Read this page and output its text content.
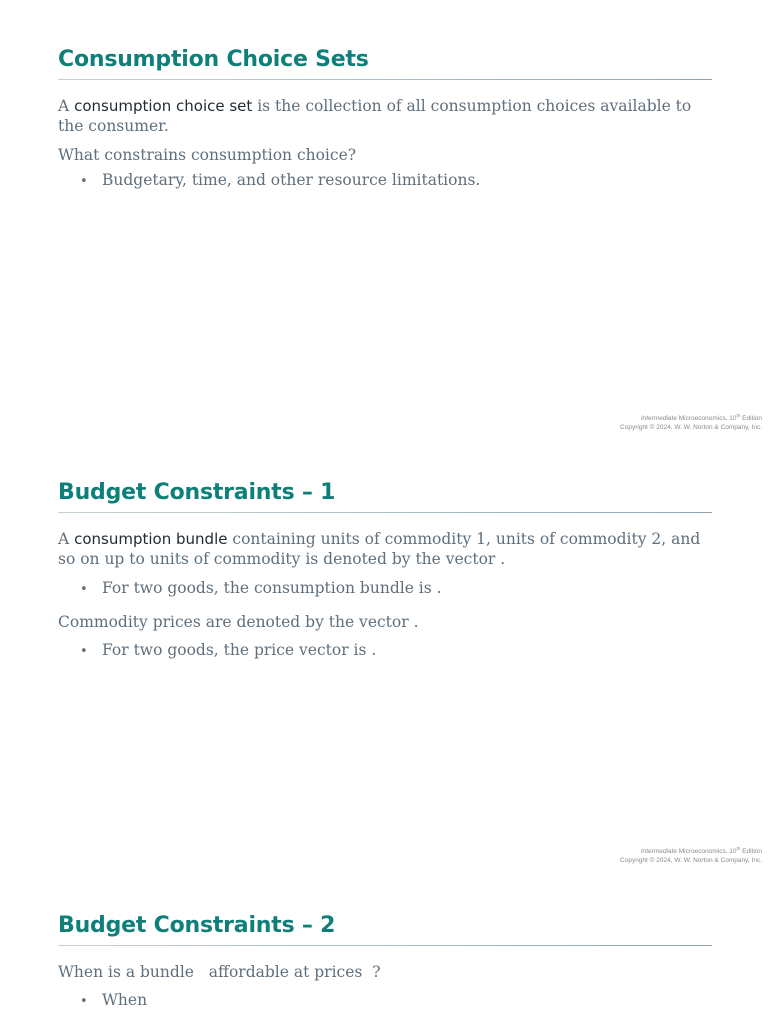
Consumption Choice Sets

A consumption choice set is the collection of all consumption choices available to the consumer.

What constrains consumption choice?

• Budgetary, time, and other resource limitations.

Intermediate Microeconomics, 10th Edition
Copyright © 2024, W. W. Norton & Company, Inc.
Budget Constraints – 1

A consumption bundle containing units of commodity 1, units of commodity 2, and so on up to units of commodity is denoted by the vector .

• For two goods, the consumption bundle is .

Commodity prices are denoted by the vector .

• For two goods, the price vector is .

Intermediate Microeconomics, 10th Edition
Copyright © 2024, W. W. Norton & Company, Inc.
Budget Constraints – 2

When is a bundle   affordable at prices  ?

• When
